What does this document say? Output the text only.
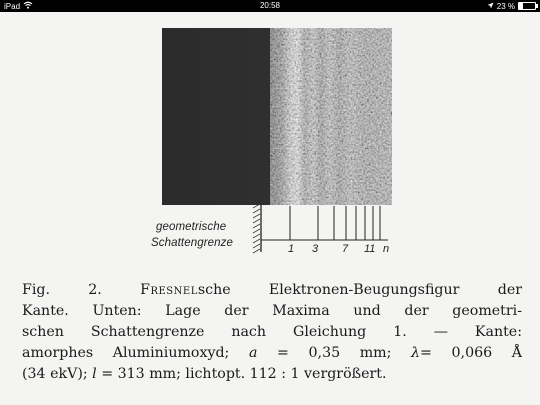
iPad	20:58	23 %
geometrische
Schattengrenze	1 3 7 11 n

Fig. 2. Fresnelsche Elektronen-Beugungsfigur der

Kante. Unten: Lage der Maxima und der geometri-

schen Schattengrenze nach Gleichung 1. — Kante:

amorphes Aluminiumoxyd; a = 0,35 mm; λ= 0,066 Å

(34 ekV); l = 313 mm; lichtopt. 112 : 1 vergrößert.
